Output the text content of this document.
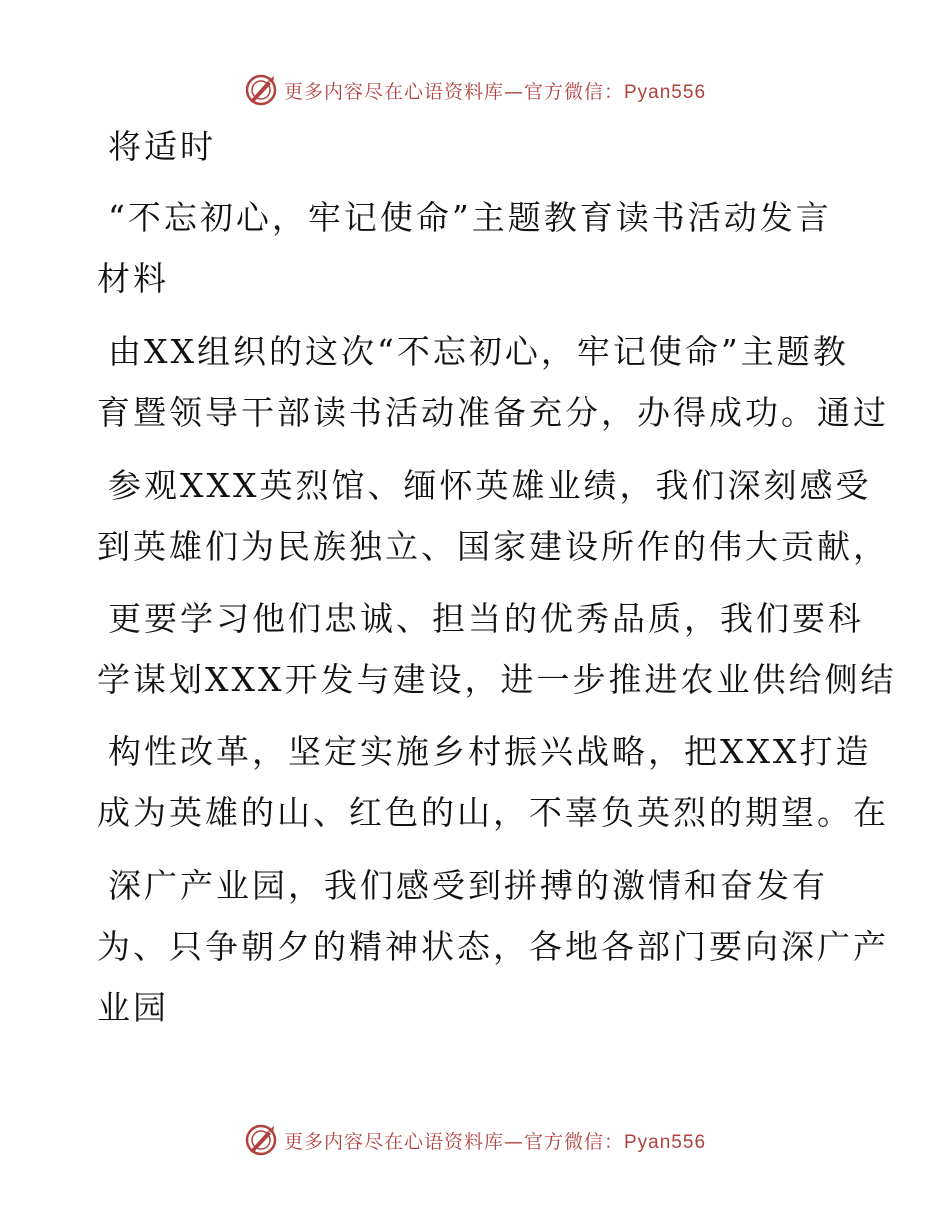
更多内容尽在心语资料库—官方微信：Pyan556
将适时
“不忘初心，牢记使命”主题教育读书活动发言
材料
由XX组织的这次“不忘初心，牢记使命”主题教
育暨领导干部读书活动准备充分，办得成功。通过
参观XXX英烈馆、缅怀英雄业绩，我们深刻感受
到英雄们为民族独立、国家建设所作的伟大贡献，
更要学习他们忠诚、担当的优秀品质，我们要科
学谋划XXX开发与建设，进一步推进农业供给侧结
构性改革，坚定实施乡村振兴战略，把XXX打造
成为英雄的山、红色的山，不辜负英烈的期望。在
深广产业园，我们感受到拼搏的激情和奋发有
为、只争朝夕的精神状态，各地各部门要向深广产
业园
更多内容尽在心语资料库—官方微信：Pyan556
